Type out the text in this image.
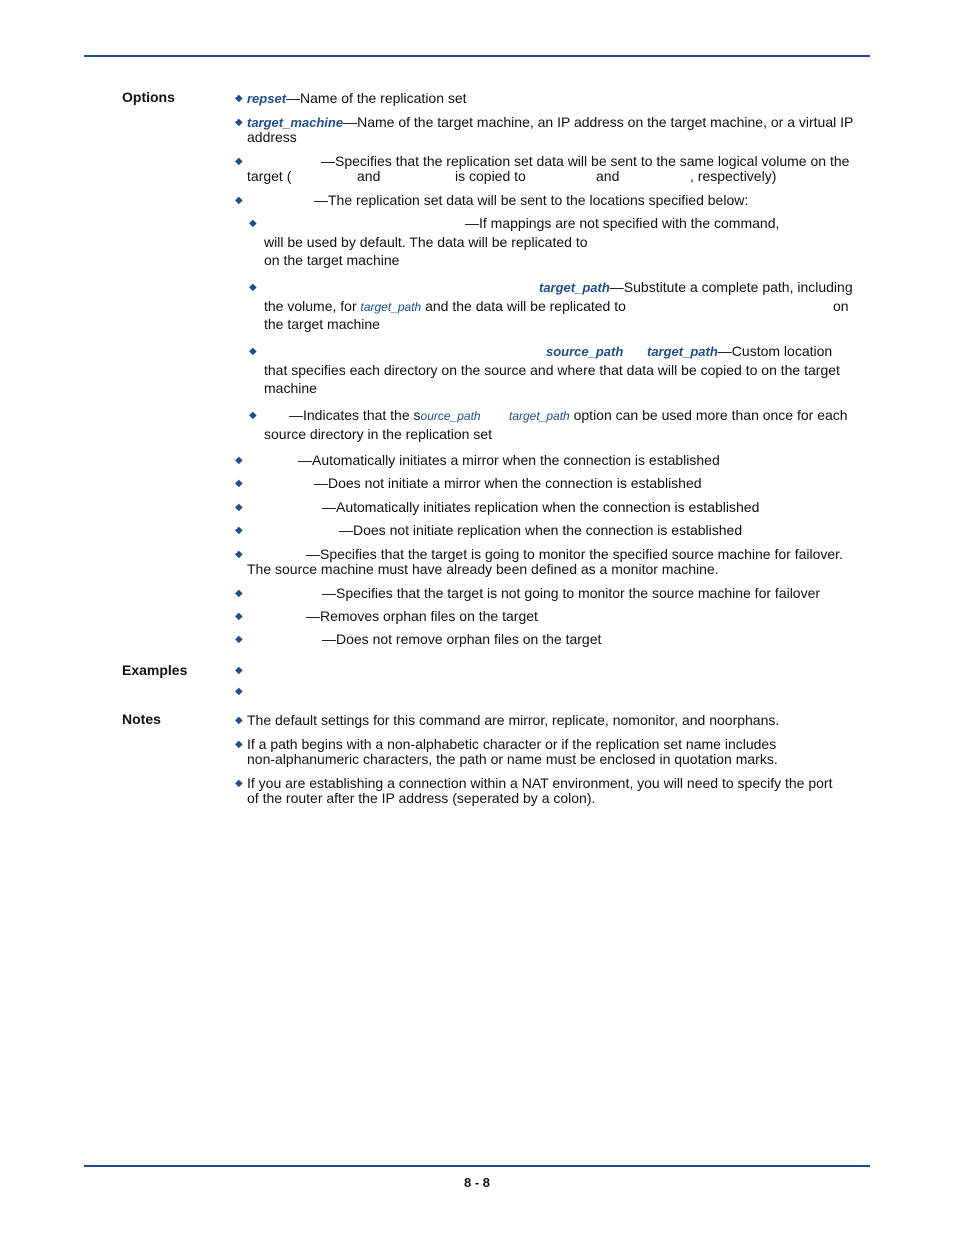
Options
Examples
Notes
◆ repset—Name of the replication set
◆ target_machine—Name of the target machine, an IP address on the target machine, or a virtual IP
address
◆	—Specifies that the replication set data will be sent to the same logical volume on the
target (	and	is copied to	and	, respectively)
◆	—The replication set data will be sent to the locations specified below:
◆	—If mappings are not specified with the command,
will be used by default. The data will be replicated to
on the target machine
◆	target_path—Substitute a complete path, including
the volume, for target_path and the data will be replicated to	on
the target machine
◆	source_path target_path—Custom location
that specifies each directory on the source and where that data will be copied to on the target
machine
◆ —Indicates that the source_path target_path option can be used more than once for each
source directory in the replication set
◆	—Automatically initiates a mirror when the connection is established
◆	—Does not initiate a mirror when the connection is established
◆	—Automatically initiates replication when the connection is established
◆	—Does not initiate replication when the connection is established
◆	—Specifies that the target is going to monitor the specified source machine for failover.
The source machine must have already been defined as a monitor machine.
◆	—Specifies that the target is not going to monitor the source machine for failover
◆	—Removes orphan files on the target
◆	—Does not remove orphan files on the target
◆
◆
◆ The default settings for this command are mirror, replicate, nomonitor, and noorphans.
◆ If a path begins with a non-alphabetic character or if the replication set name includes
non-alphanumeric characters, the path or name must be enclosed in quotation marks.
◆ If you are establishing a connection within a NAT environment, you will need to specify the port
of the router after the IP address (seperated by a colon).
8 - 8
